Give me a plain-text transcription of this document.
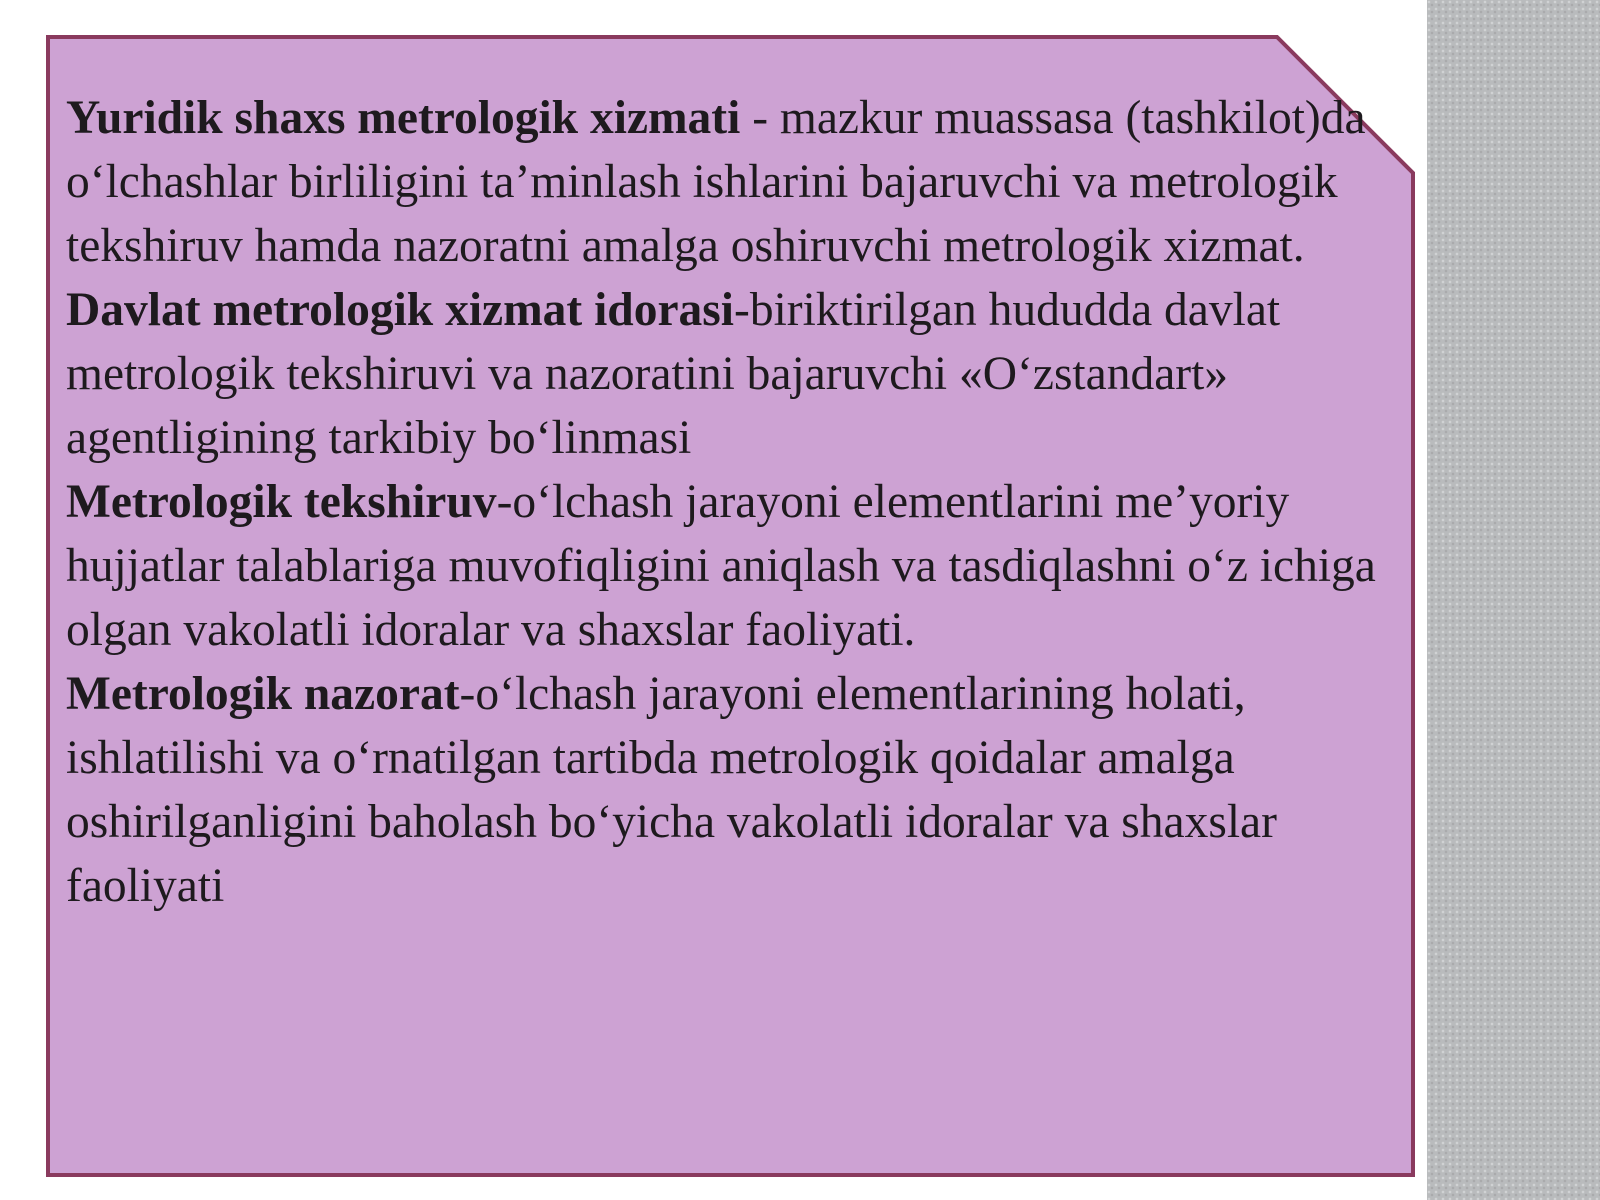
Yuridik shaxs metrologik xizmati - mazkur muassasa (tashkilot)da o‘lchashlar birliligini ta’minlash ishlarini bajaruvchi va metrologik tekshiruv hamda nazoratni amalga oshiruvchi metrologik xizmat.

Davlat metrologik xizmat idorasi-biriktirilgan hududda davlat metrologik tekshiruvi va nazoratini bajaruvchi «O‘zstandart» agentligining tarkibiy bo‘linmasi

Metrologik tekshiruv-o‘lchash jarayoni elementlarini me’yoriy hujjatlar talablariga muvofiqligini aniqlash va tasdiqlashni o‘z ichiga olgan vakolatli idoralar va shaxslar faoliyati.

Metrologik nazorat-o‘lchash jarayoni elementlarining holati, ishlatilishi va o‘rnatilgan tartibda metrologik qoidalar amalga oshirilganligini baholash bo‘yicha vakolatli idoralar va shaxslar faoliyati
